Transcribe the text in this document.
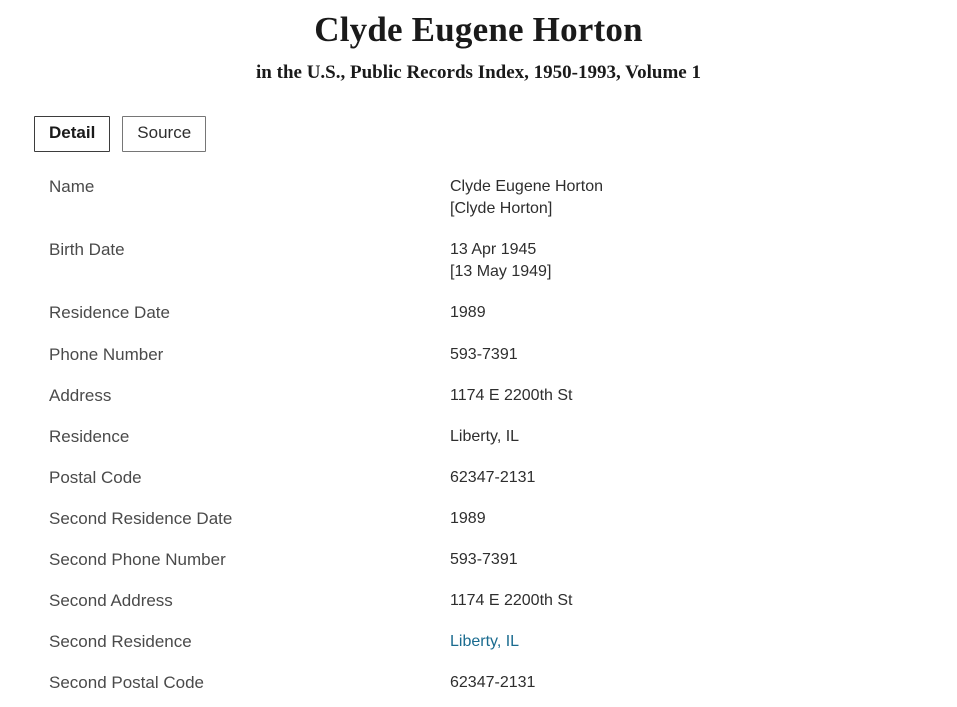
Clyde Eugene Horton
in the U.S., Public Records Index, 1950-1993, Volume 1
Detail	Source
Name	Clyde Eugene Horton
[Clyde Horton]
Birth Date	13 Apr 1945
[13 May 1949]
Residence Date	1989
Phone Number	593-7391
Address	1174 E 2200th St
Residence	Liberty, IL
Postal Code	62347-2131
Second Residence Date	1989
Second Phone Number	593-7391
Second Address	1174 E 2200th St
Second Residence	Liberty, IL
Second Postal Code	62347-2131
